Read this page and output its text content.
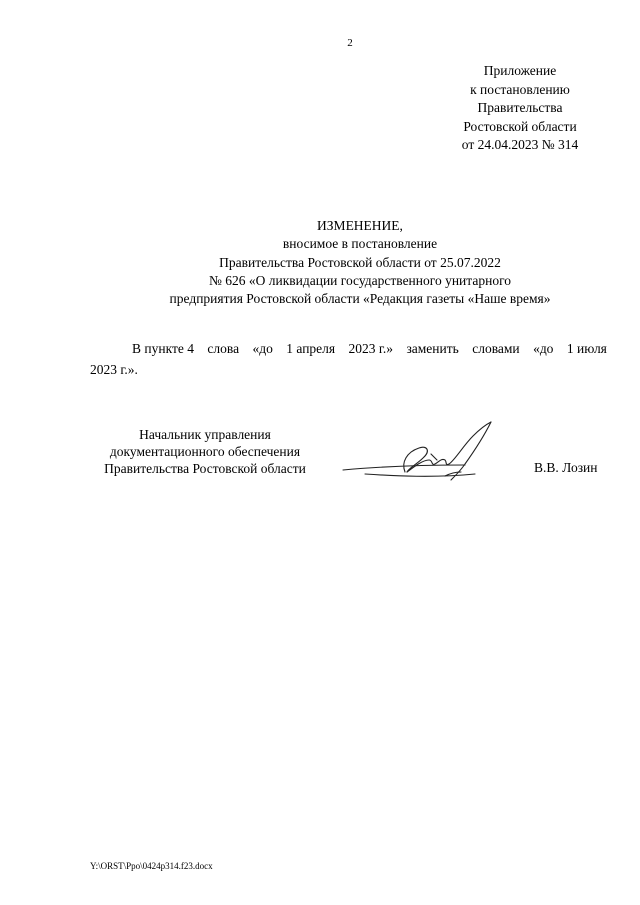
2
Приложение
к постановлению
Правительства
Ростовской области
от 24.04.2023 № 314
ИЗМЕНЕНИЕ,
вносимое в постановление
Правительства Ростовской области от 25.07.2022
№ 626 «О ликвидации государственного унитарного
предприятия Ростовской области «Редакция газеты «Наше время»
В пункте 4 слова «до 1 апреля 2023 г.» заменить словами «до 1 июля
2023 г.».
Начальник управления
документационного обеспечения
Правительства Ростовской области	В.В. Лозин
Y:\ORST\Ppo\0424p314.f23.docx
